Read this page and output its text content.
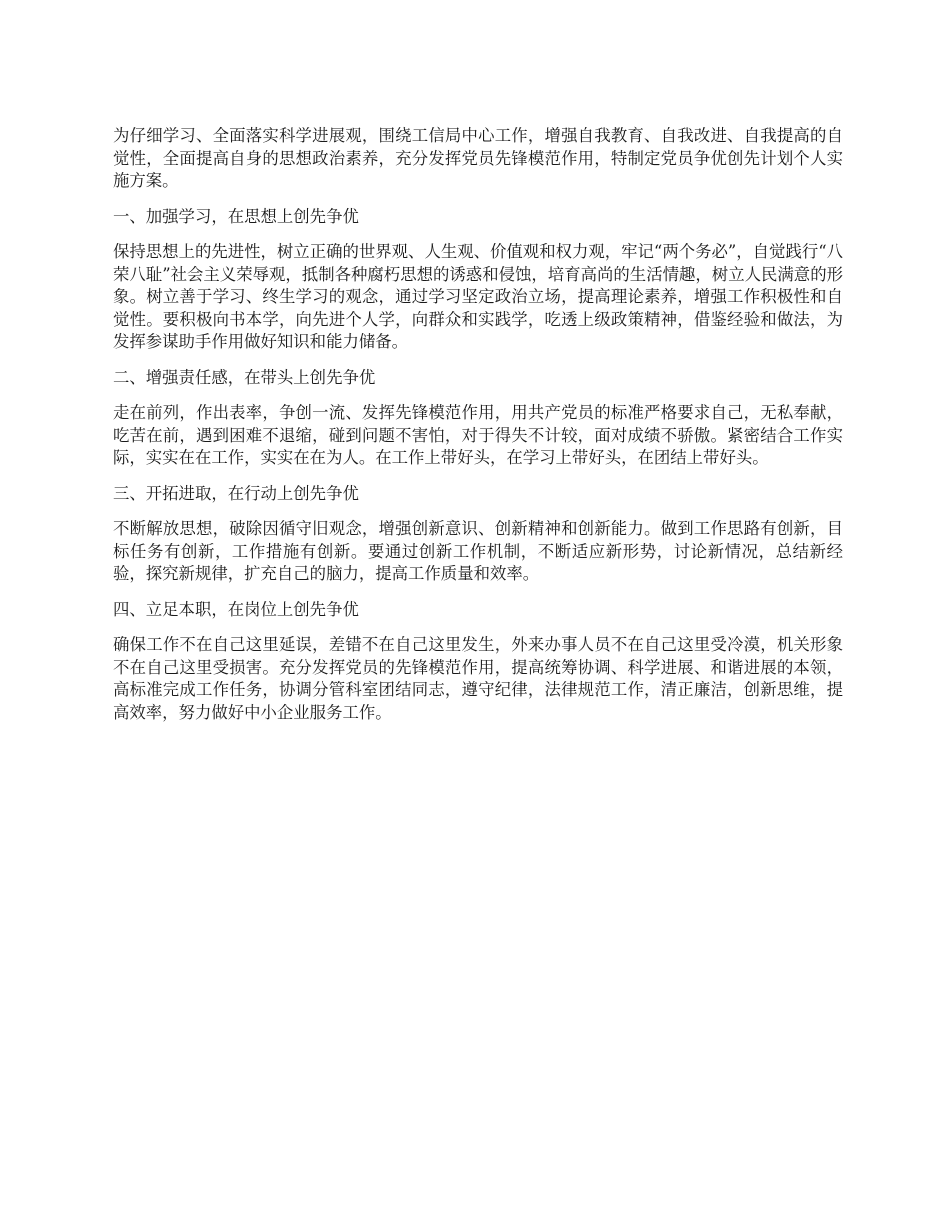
为仔细学习、全面落实科学进展观，围绕工信局中心工作，增强自我教育、自我改进、自我提高的自觉性，全面提高自身的思想政治素养，充分发挥党员先锋模范作用，特制定党员争优创先计划个人实施方案。

一、加强学习，在思想上创先争优

保持思想上的先进性，树立正确的世界观、人生观、价值观和权力观，牢记“两个务必”，自觉践行“八荣八耻”社会主义荣辱观，抵制各种腐朽思想的诱惑和侵蚀，培育高尚的生活情趣，树立人民满意的形象。树立善于学习、终生学习的观念，通过学习坚定政治立场，提高理论素养，增强工作积极性和自觉性。要积极向书本学，向先进个人学，向群众和实践学，吃透上级政策精神，借鉴经验和做法，为发挥参谋助手作用做好知识和能力储备。

二、增强责任感，在带头上创先争优

走在前列，作出表率，争创一流、发挥先锋模范作用，用共产党员的标准严格要求自己，无私奉献，吃苦在前，遇到困难不退缩，碰到问题不害怕，对于得失不计较，面对成绩不骄傲。紧密结合工作实际，实实在在工作，实实在在为人。在工作上带好头，在学习上带好头，在团结上带好头。

三、开拓进取，在行动上创先争优

不断解放思想，破除因循守旧观念，增强创新意识、创新精神和创新能力。做到工作思路有创新，目标任务有创新，工作措施有创新。要通过创新工作机制，不断适应新形势，讨论新情况，总结新经验，探究新规律，扩充自己的脑力，提高工作质量和效率。

四、立足本职，在岗位上创先争优

确保工作不在自己这里延误，差错不在自己这里发生，外来办事人员不在自己这里受冷漠，机关形象不在自己这里受损害。充分发挥党员的先锋模范作用，提高统筹协调、科学进展、和谐进展的本领，高标准完成工作任务，协调分管科室团结同志，遵守纪律，法律规范工作，清正廉洁，创新思维，提高效率，努力做好中小企业服务工作。
